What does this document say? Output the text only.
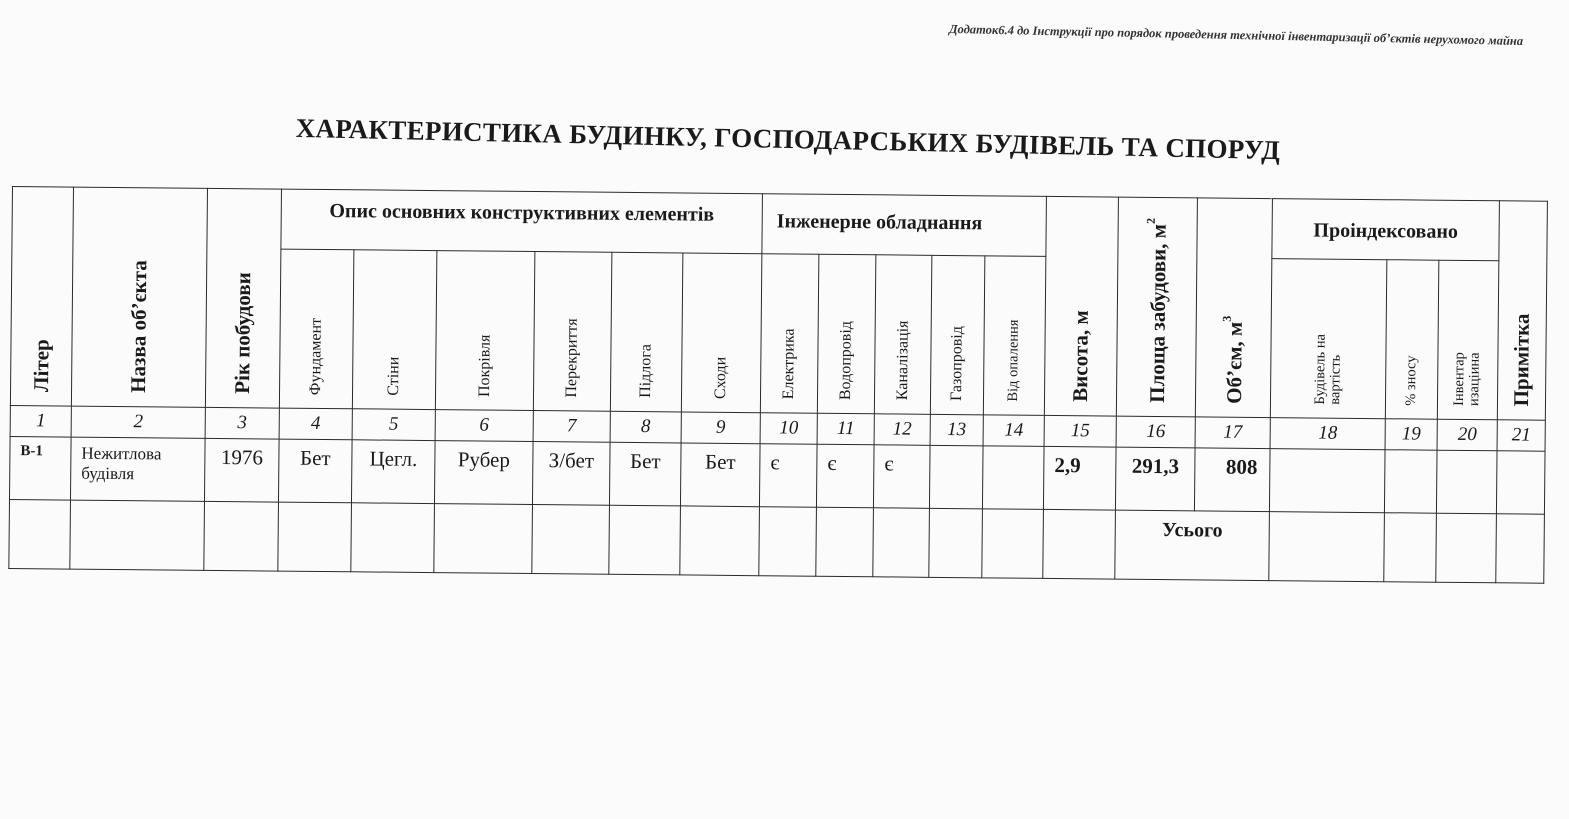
Додаток6.4 до Інструкції про порядок проведення технічної інвентаризації об’єктів нерухомого майна
ХАРАКТЕРИСТИКА БУДИНКУ, ГОСПОДАРСЬКИХ БУДІВЕЛЬ ТА СПОРУД
Літер	Назва об’єкта	Рік побудови	Опис основних конструктивних елементів						Інженерне обладнання					Висота, м	Площа забудови, $м^2$	Об’єм, $м^3$	Проіндексовано			Примітка
			Фундамент	Стіни	Покрівля	Перекриття	Підлога	Сходи	Електрика	Водопровід	Каналізація	Газопровід	Від опалення				Будівель на вартість	% зносу	Інвентар изаціина	
1	2	3	4	5	6	7	8	9	10	11	12	13	14	15	16	17	18	19	20	21
В-1	Нежитлова будівля	1976	Бет	Цегл.	Рубер	З/бет	Бет	Бет	є	є	є			2,9	291,3	808				
															Усього					
